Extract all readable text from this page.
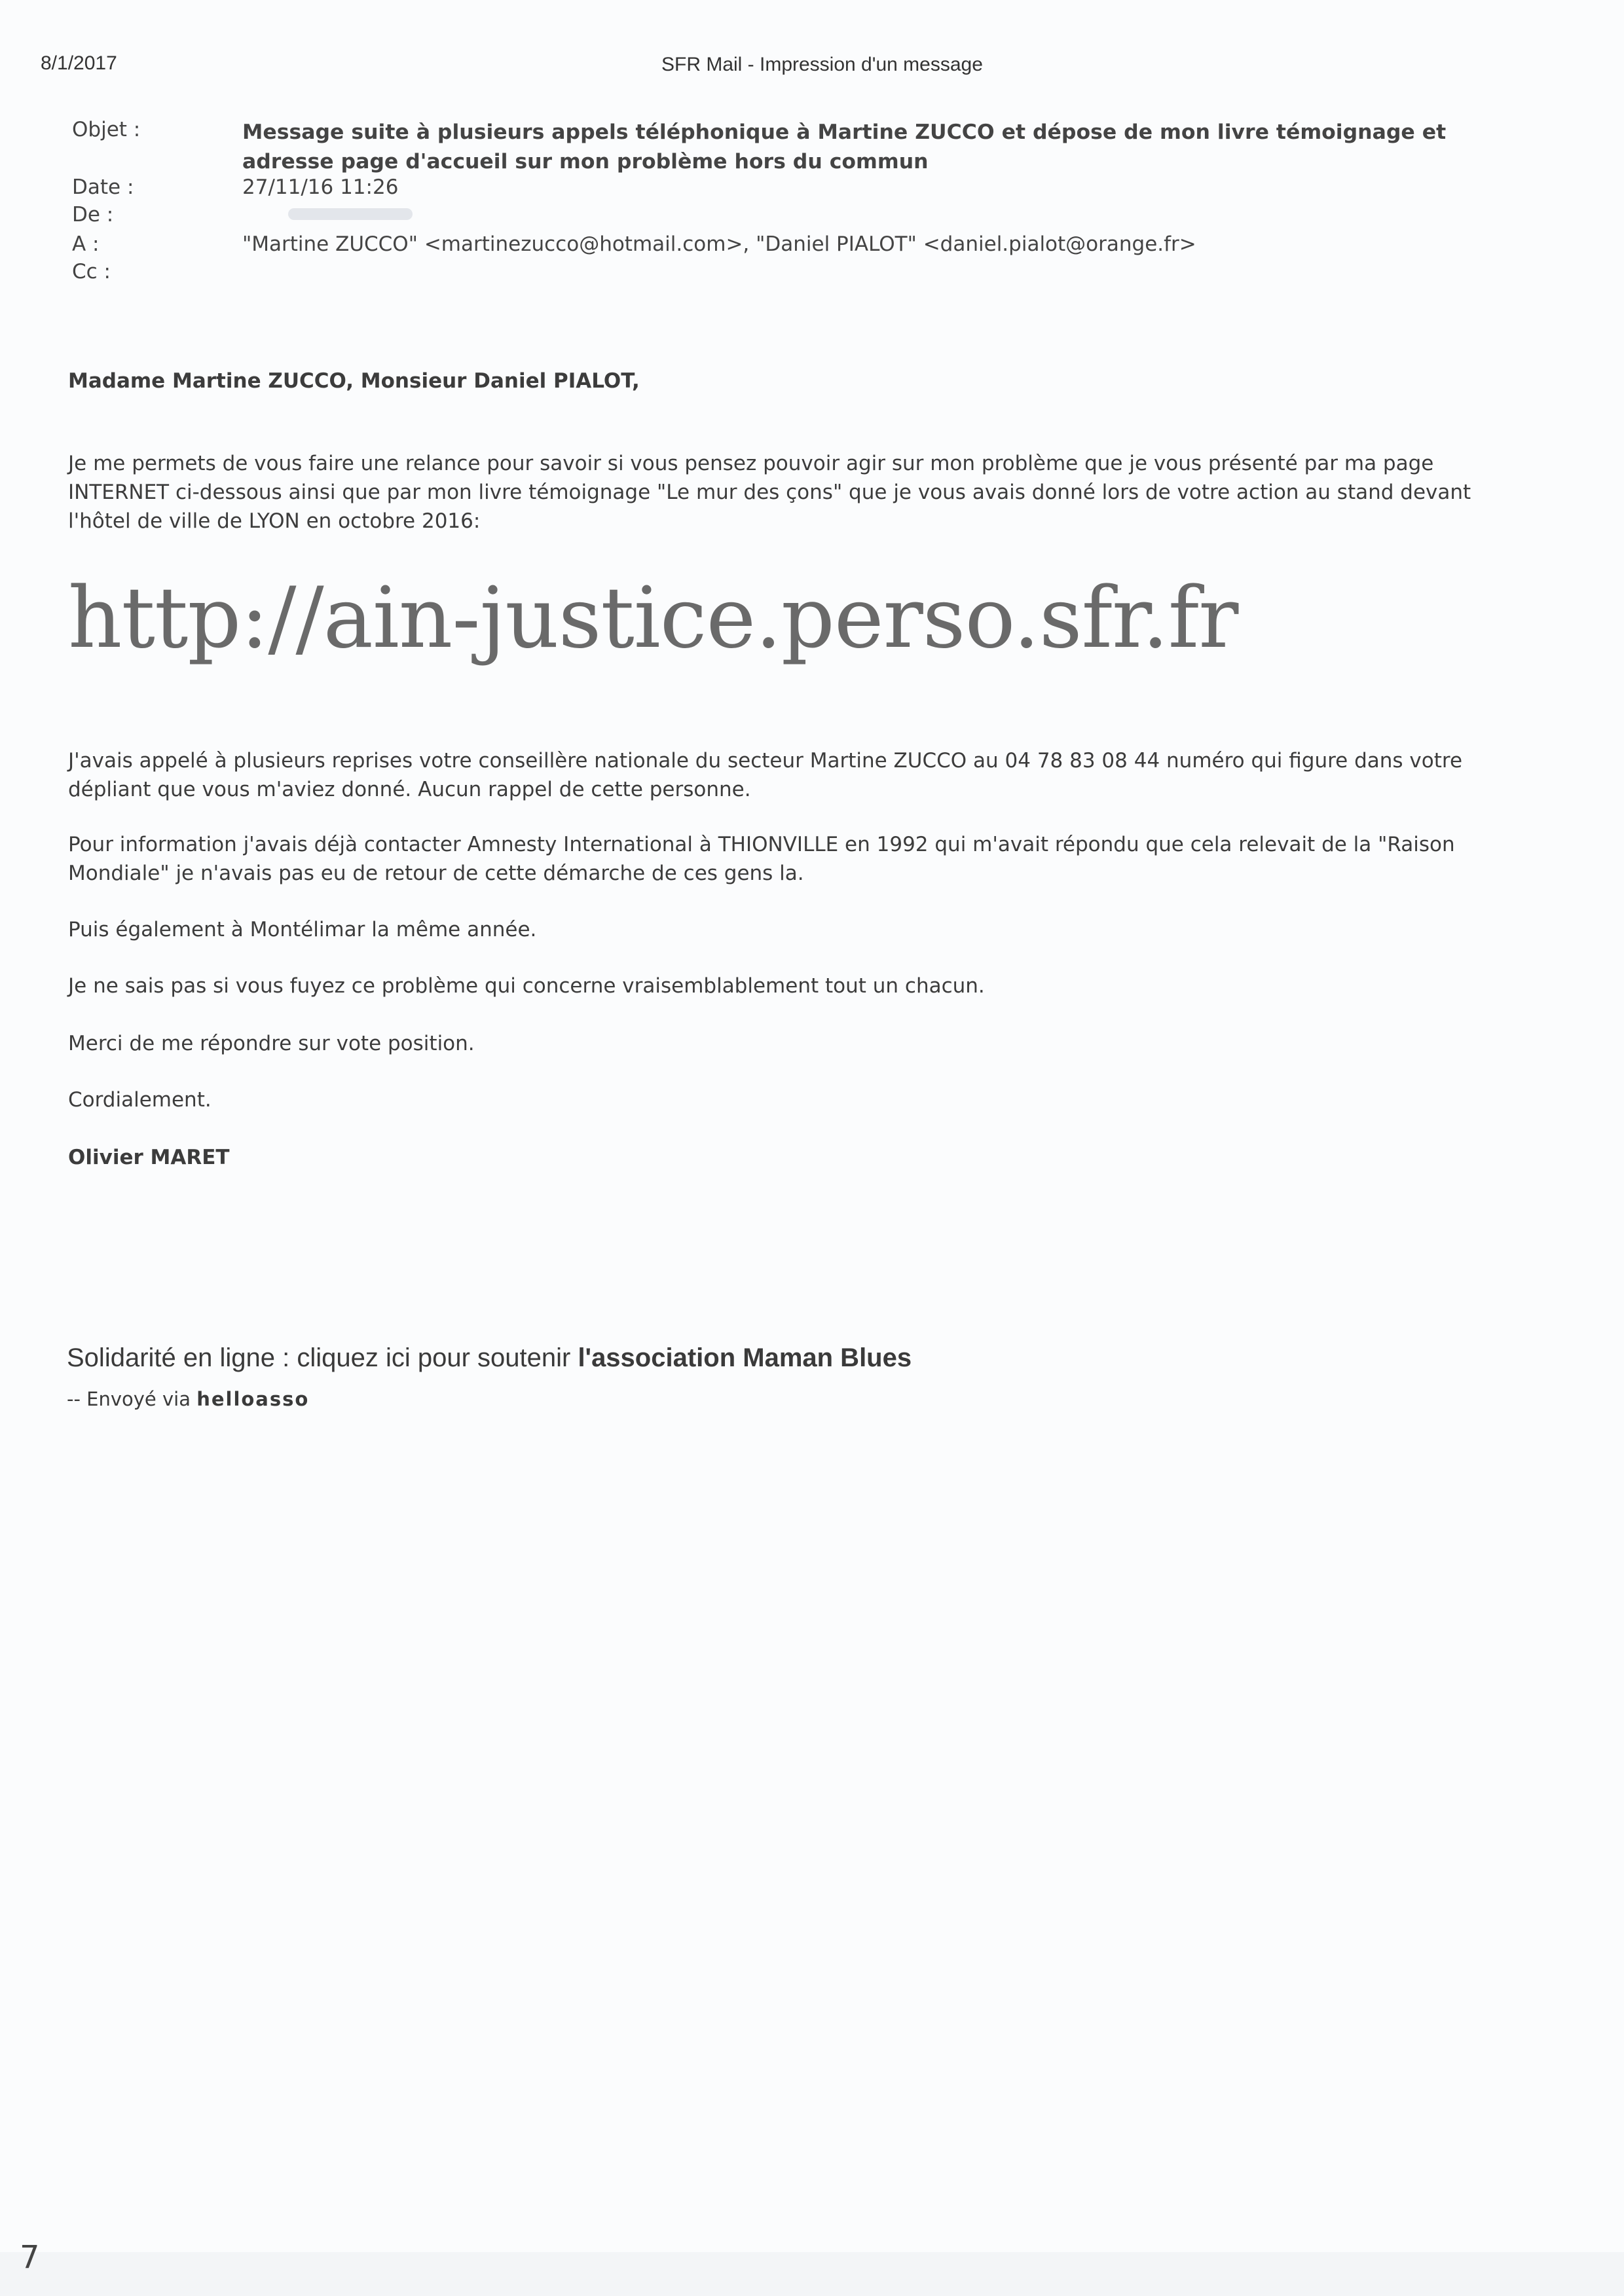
8/1/2017	SFR Mail - Impression d'un message
Objet :	Message suite à plusieurs appels téléphonique à Martine ZUCCO et dépose de mon livre témoignage et adresse page d'accueil sur mon problème hors du commun
Date :	27/11/16 11:26
De :
A :	"Martine ZUCCO" <martinezucco@hotmail.com>, "Daniel PIALOT" <daniel.pialot@orange.fr>
Cc :
Madame Martine ZUCCO, Monsieur Daniel PIALOT,
Je me permets de vous faire une relance pour savoir si vous pensez pouvoir agir sur mon problème que je vous présenté par ma page INTERNET ci-dessous ainsi que par mon livre témoignage "Le mur des çons" que je vous avais donné lors de votre action au stand devant l'hôtel de ville de LYON en octobre 2016:
http://ain-justice.perso.sfr.fr
J'avais appelé à plusieurs reprises votre conseillère nationale du secteur Martine ZUCCO au 04 78 83 08 44 numéro qui figure dans votre dépliant que vous m'aviez donné. Aucun rappel de cette personne.
Pour information j'avais déjà contacter Amnesty International à THIONVILLE en 1992 qui m'avait répondu que cela relevait de la "Raison Mondiale" je n'avais pas eu de retour de cette démarche de ces gens la.
Puis également à Montélimar la même année.
Je ne sais pas si vous fuyez ce problème qui concerne vraisemblablement tout un chacun.
Merci de me répondre sur vote position.
Cordialement.
Olivier MARET
Solidarité en ligne : cliquez ici pour soutenir l'association Maman Blues
-- Envoyé via helloasso
7
